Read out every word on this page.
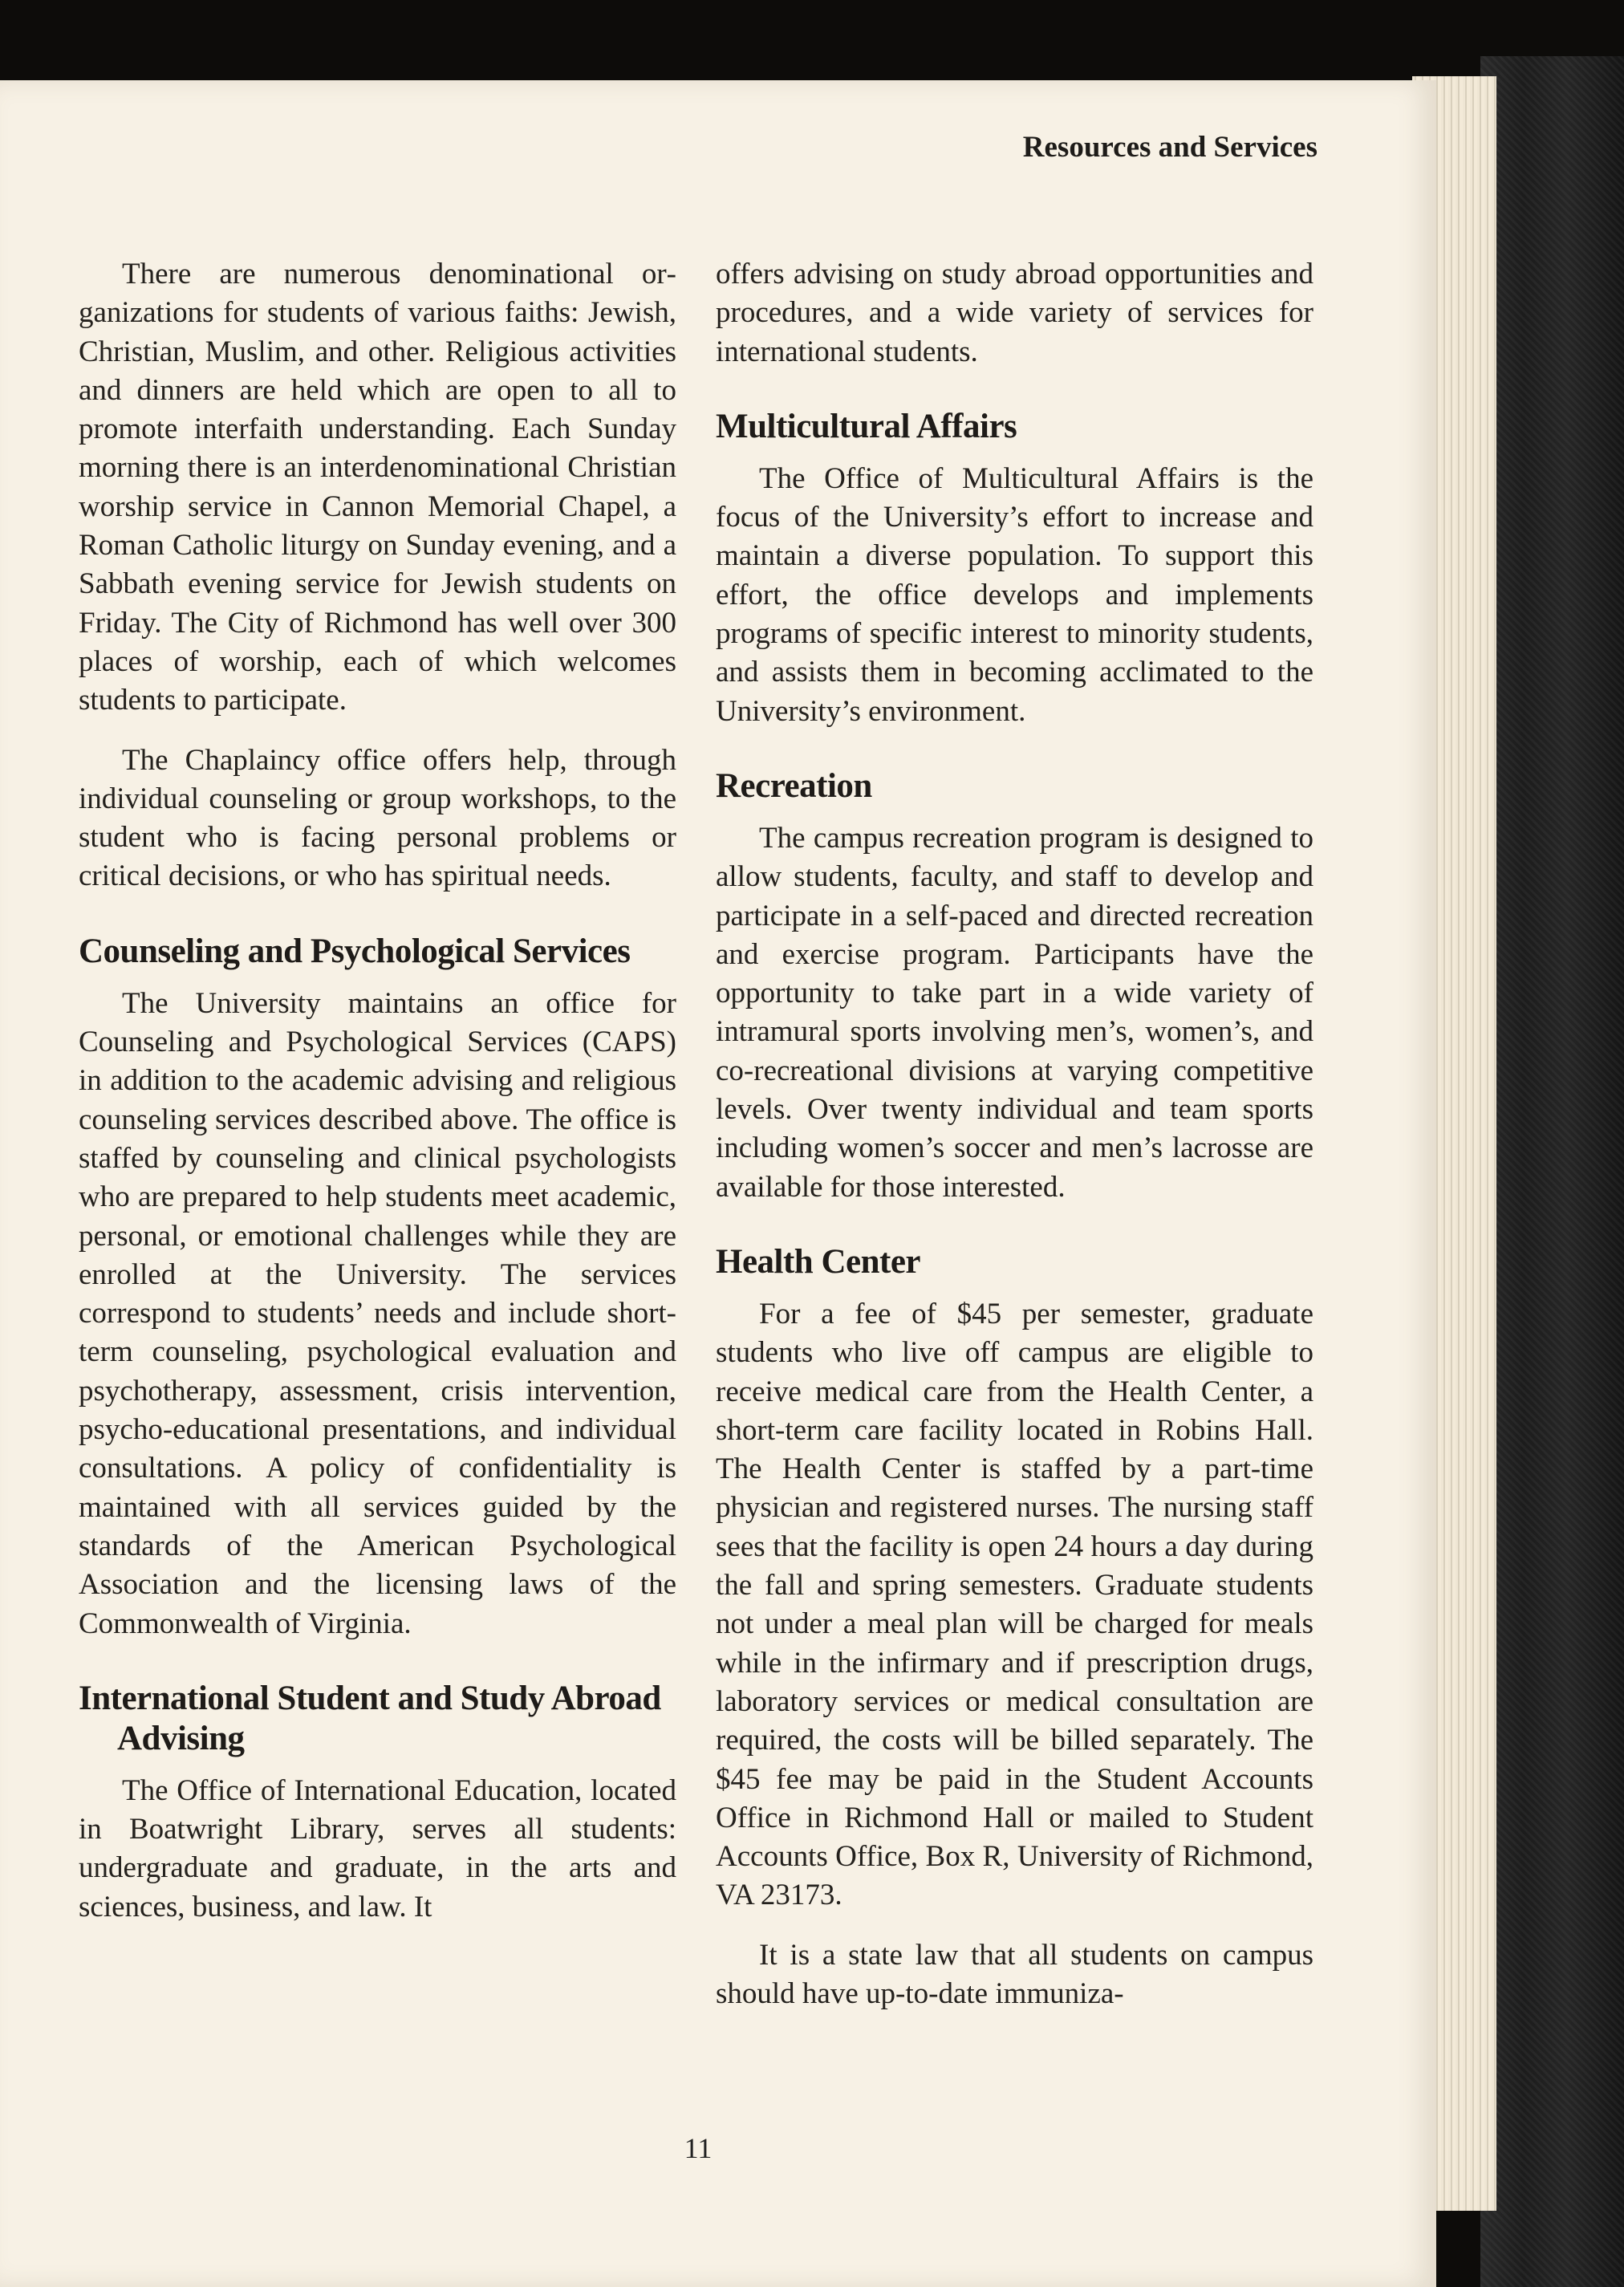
Resources and Services

There are numerous denominational organizations for students of various faiths: Jewish, Christian, Muslim, and other. Religious activities and dinners are held which are open to all to promote interfaith understanding. Each Sunday morning there is an interdenominational Christian worship service in Cannon Memorial Chapel, a Roman Catholic liturgy on Sunday evening, and a Sabbath evening service for Jewish students on Friday. The City of Richmond has well over 300 places of worship, each of which welcomes students to participate.

The Chaplaincy office offers help, through individual counseling or group workshops, to the student who is facing personal problems or critical decisions, or who has spiritual needs.

Counseling and Psychological Services

The University maintains an office for Counseling and Psychological Services (CAPS) in addition to the academic advising and religious counseling services described above. The office is staffed by counseling and clinical psychologists who are prepared to help students meet academic, personal, or emotional challenges while they are enrolled at the University. The services correspond to students’ needs and include short-term counseling, psychological evaluation and psychotherapy, assessment, crisis intervention, psycho-educational presentations, and individual consultations. A policy of confidentiality is maintained with all services guided by the standards of the American Psychological Association and the licensing laws of the Commonwealth of Virginia.

International Student and Study Abroad Advising

The Office of International Education, located in Boatwright Library, serves all students: undergraduate and graduate, in the arts and sciences, business, and law. It

offers advising on study abroad opportunities and procedures, and a wide variety of services for international students.

Multicultural Affairs

The Office of Multicultural Affairs is the focus of the University’s effort to increase and maintain a diverse population. To support this effort, the office develops and implements programs of specific interest to minority students, and assists them in becoming acclimated to the University’s environment.

Recreation

The campus recreation program is designed to allow students, faculty, and staff to develop and participate in a self-paced and directed recreation and exercise program. Participants have the opportunity to take part in a wide variety of intramural sports involving men’s, women’s, and co-recreational divisions at varying competitive levels. Over twenty individual and team sports including women’s soccer and men’s lacrosse are available for those interested.

Health Center

For a fee of $45 per semester, graduate students who live off campus are eligible to receive medical care from the Health Center, a short-term care facility located in Robins Hall. The Health Center is staffed by a part-time physician and registered nurses. The nursing staff sees that the facility is open 24 hours a day during the fall and spring semesters. Graduate students not under a meal plan will be charged for meals while in the infirmary and if prescription drugs, laboratory services or medical consultation are required, the costs will be billed separately. The $45 fee may be paid in the Student Accounts Office in Richmond Hall or mailed to Student Accounts Office, Box R, University of Richmond, VA 23173.

It is a state law that all students on campus should have up-to-date immuniza-

11
